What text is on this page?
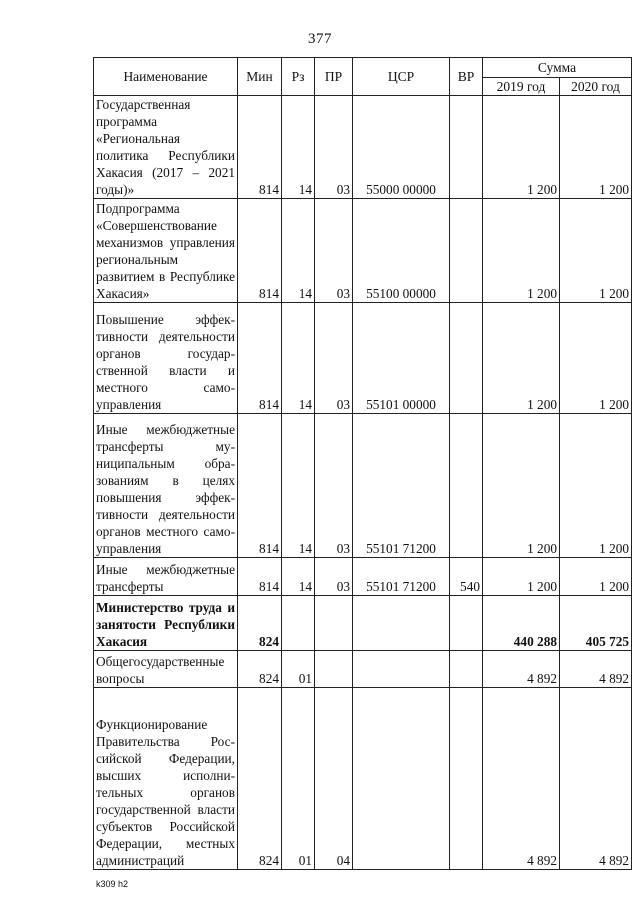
377
Наименование	Мин	Рз	ПР	ЦСР	ВР	Сумма	
						2019 год	2020 год
Государственная программа «Региональная политика Республики Хакасия (2017 – 2021 годы)»	814	14	03	55000 00000		1 200	1 200
Подпрограмма «Совершенствование механизмов управления региональным развитием в Республике Хакасия»	814	14	03	55100 00000		1 200	1 200
Повышение эффективности деятельности органов государственной власти и местного самоуправления	814	14	03	55101 00000		1 200	1 200
Иные межбюджетные трансферты муниципальным образованиям в целях повышения эффективности деятельности органов местного самоуправления	814	14	03	55101 71200		1 200	1 200
Иные межбюджетные трансферты	814	14	03	55101 71200	540	1 200	1 200
Министерство труда и занятости Республики Хакасия	824					440 288	405 725
Общегосударственные вопросы	824	01				4 892	4 892
Функционирование Правительства Российской Федерации, высших исполнительных органов государственной власти субъектов Российской Федерации, местных администраций	824	01	04			4 892	4 892
k309 h2
